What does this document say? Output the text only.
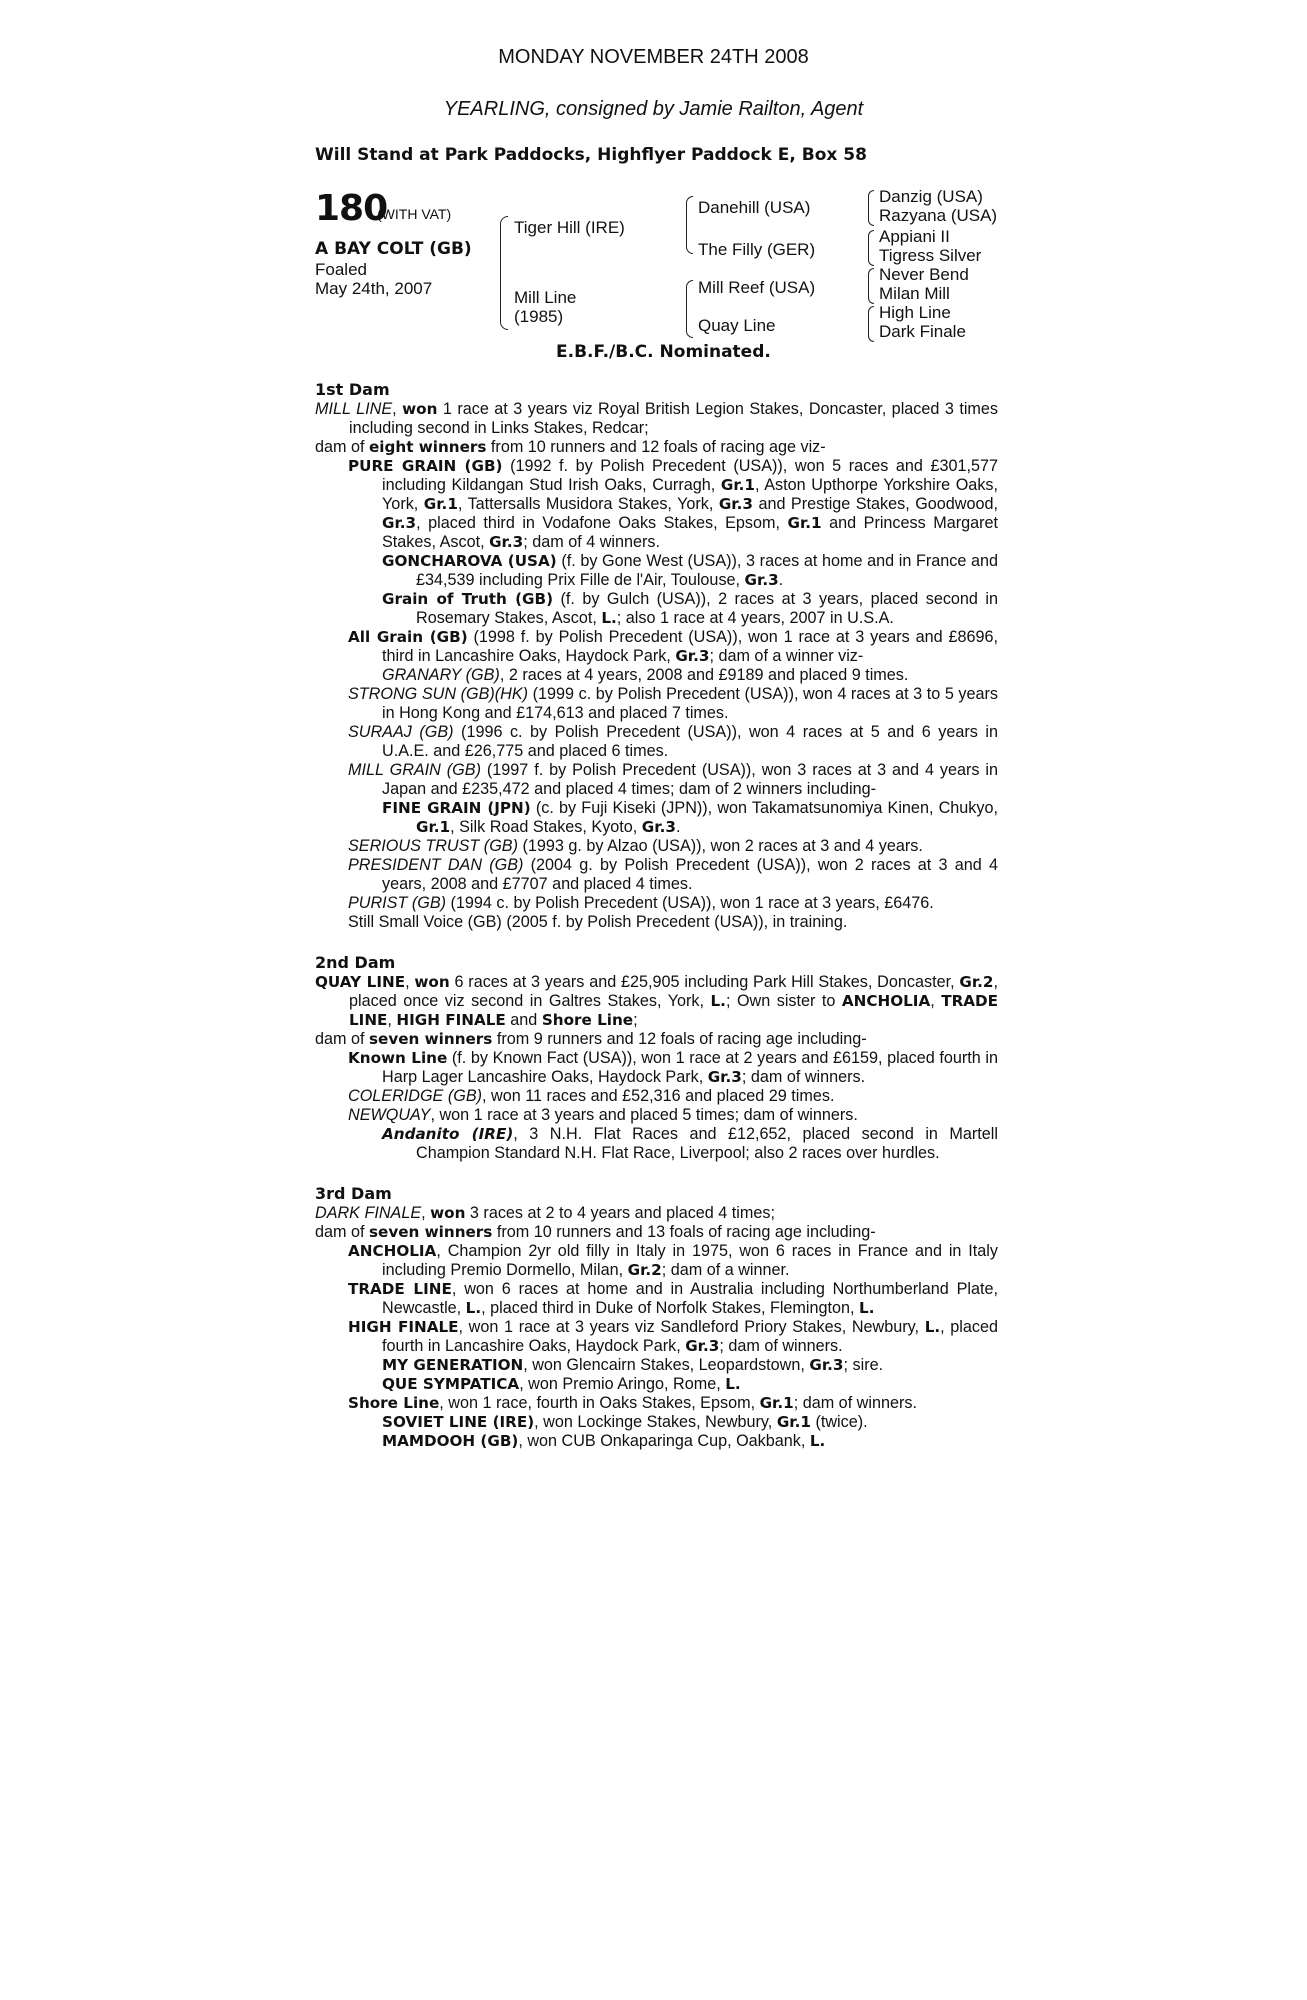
MONDAY NOVEMBER 24TH 2008
YEARLING, consigned by Jamie Railton, Agent
Will Stand at Park Paddocks, Highflyer Paddock E, Box 58
180
(WITH VAT)
A BAY COLT (GB)
Foaled
May 24th, 2007
Tiger Hill (IRE)
Mill Line
(1985)
Danehill (USA)
The Filly (GER)
Mill Reef (USA)
Quay Line
Danzig (USA)
Razyana (USA)
Appiani II
Tigress Silver
Never Bend
Milan Mill
High Line
Dark Finale
E.B.F./B.C. Nominated.
1st Dam
MILL LINE, won 1 race at 3 years viz Royal British Legion Stakes, Doncaster, placed 3 times including second in Links Stakes, Redcar;
dam of eight winners from 10 runners and 12 foals of racing age viz-
PURE GRAIN (GB) (1992 f. by Polish Precedent (USA)), won 5 races and £301,577 including Kildangan Stud Irish Oaks, Curragh, Gr.1, Aston Upthorpe Yorkshire Oaks, York, Gr.1, Tattersalls Musidora Stakes, York, Gr.3 and Prestige Stakes, Goodwood, Gr.3, placed third in Vodafone Oaks Stakes, Epsom, Gr.1 and Princess Margaret Stakes, Ascot, Gr.3; dam of 4 winners.
GONCHAROVA (USA) (f. by Gone West (USA)), 3 races at home and in France and £34,539 including Prix Fille de l'Air, Toulouse, Gr.3.
Grain of Truth (GB) (f. by Gulch (USA)), 2 races at 3 years, placed second in Rosemary Stakes, Ascot, L.; also 1 race at 4 years, 2007 in U.S.A.
All Grain (GB) (1998 f. by Polish Precedent (USA)), won 1 race at 3 years and £8696, third in Lancashire Oaks, Haydock Park, Gr.3; dam of a winner viz-
GRANARY (GB), 2 races at 4 years, 2008 and £9189 and placed 9 times.
STRONG SUN (GB)(HK) (1999 c. by Polish Precedent (USA)), won 4 races at 3 to 5 years in Hong Kong and £174,613 and placed 7 times.
SURAAJ (GB) (1996 c. by Polish Precedent (USA)), won 4 races at 5 and 6 years in U.A.E. and £26,775 and placed 6 times.
MILL GRAIN (GB) (1997 f. by Polish Precedent (USA)), won 3 races at 3 and 4 years in Japan and £235,472 and placed 4 times; dam of 2 winners including-
FINE GRAIN (JPN) (c. by Fuji Kiseki (JPN)), won Takamatsunomiya Kinen, Chukyo, Gr.1, Silk Road Stakes, Kyoto, Gr.3.
SERIOUS TRUST (GB) (1993 g. by Alzao (USA)), won 2 races at 3 and 4 years.
PRESIDENT DAN (GB) (2004 g. by Polish Precedent (USA)), won 2 races at 3 and 4 years, 2008 and £7707 and placed 4 times.
PURIST (GB) (1994 c. by Polish Precedent (USA)), won 1 race at 3 years, £6476.
Still Small Voice (GB) (2005 f. by Polish Precedent (USA)), in training.
2nd Dam
QUAY LINE, won 6 races at 3 years and £25,905 including Park Hill Stakes, Doncaster, Gr.2, placed once viz second in Galtres Stakes, York, L.; Own sister to ANCHOLIA, TRADE LINE, HIGH FINALE and Shore Line;
dam of seven winners from 9 runners and 12 foals of racing age including-
Known Line (f. by Known Fact (USA)), won 1 race at 2 years and £6159, placed fourth in Harp Lager Lancashire Oaks, Haydock Park, Gr.3; dam of winners.
COLERIDGE (GB), won 11 races and £52,316 and placed 29 times.
NEWQUAY, won 1 race at 3 years and placed 5 times; dam of winners.
Andanito (IRE), 3 N.H. Flat Races and £12,652, placed second in Martell Champion Standard N.H. Flat Race, Liverpool; also 2 races over hurdles.
3rd Dam
DARK FINALE, won 3 races at 2 to 4 years and placed 4 times;
dam of seven winners from 10 runners and 13 foals of racing age including-
ANCHOLIA, Champion 2yr old filly in Italy in 1975, won 6 races in France and in Italy including Premio Dormello, Milan, Gr.2; dam of a winner.
TRADE LINE, won 6 races at home and in Australia including Northumberland Plate, Newcastle, L., placed third in Duke of Norfolk Stakes, Flemington, L.
HIGH FINALE, won 1 race at 3 years viz Sandleford Priory Stakes, Newbury, L., placed fourth in Lancashire Oaks, Haydock Park, Gr.3; dam of winners.
MY GENERATION, won Glencairn Stakes, Leopardstown, Gr.3; sire.
QUE SYMPATICA, won Premio Aringo, Rome, L.
Shore Line, won 1 race, fourth in Oaks Stakes, Epsom, Gr.1; dam of winners.
SOVIET LINE (IRE), won Lockinge Stakes, Newbury, Gr.1 (twice).
MAMDOOH (GB), won CUB Onkaparinga Cup, Oakbank, L.
